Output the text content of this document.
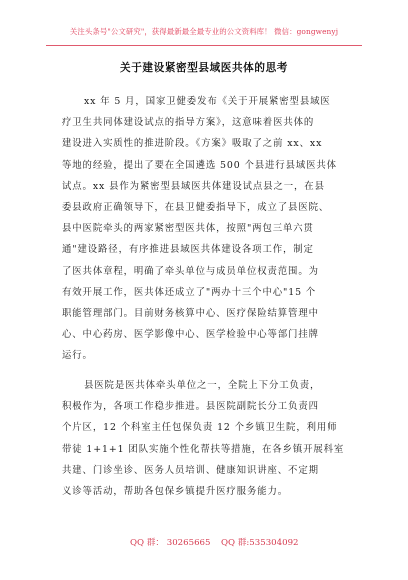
关注头条号"公文研究"，获得最新最全最专业的公文资料库！ 微信：gongwenyj
关于建设紧密型县域医共体的思考
xx 年 5 月，国家卫健委发布《关于开展紧密型县域医
疗卫生共同体建设试点的指导方案》，这意味着医共体的
建设进入实质性的推进阶段。《方案》吸取了之前 xx、xx
等地的经验，提出了要在全国遴选 500 个县进行县域医共体
试点。xx 县作为紧密型县域医共体建设试点县之一，在县
委县政府正确领导下，在县卫健委指导下，成立了县医院、
县中医院牵头的两家紧密型医共体，按照"两包三单六贯
通"建设路径，有序推进县域医共体建设各项工作，制定
了医共体章程，明确了牵头单位与成员单位权责范围。为
有效开展工作，医共体还成立了"两办十三个中心"15 个
职能管理部门。目前财务核算中心、医疗保险结算管理中
心、中心药房、医学影像中心、医学检验中心等部门挂牌
运行。
县医院是医共体牵头单位之一，全院上下分工负责，
积极作为，各项工作稳步推进。县医院副院长分工负责四
个片区，12 个科室主任包保负责 12 个乡镇卫生院，利用师
带徒 1+1+1 团队实施个性化帮扶等措施，在各乡镇开展科室
共建、门诊坐诊、医务人员培训、健康知识讲座、不定期
义诊等活动，帮助各包保乡镇提升医疗服务能力。
QQ 群： 30265665 QQ 群:535304092
